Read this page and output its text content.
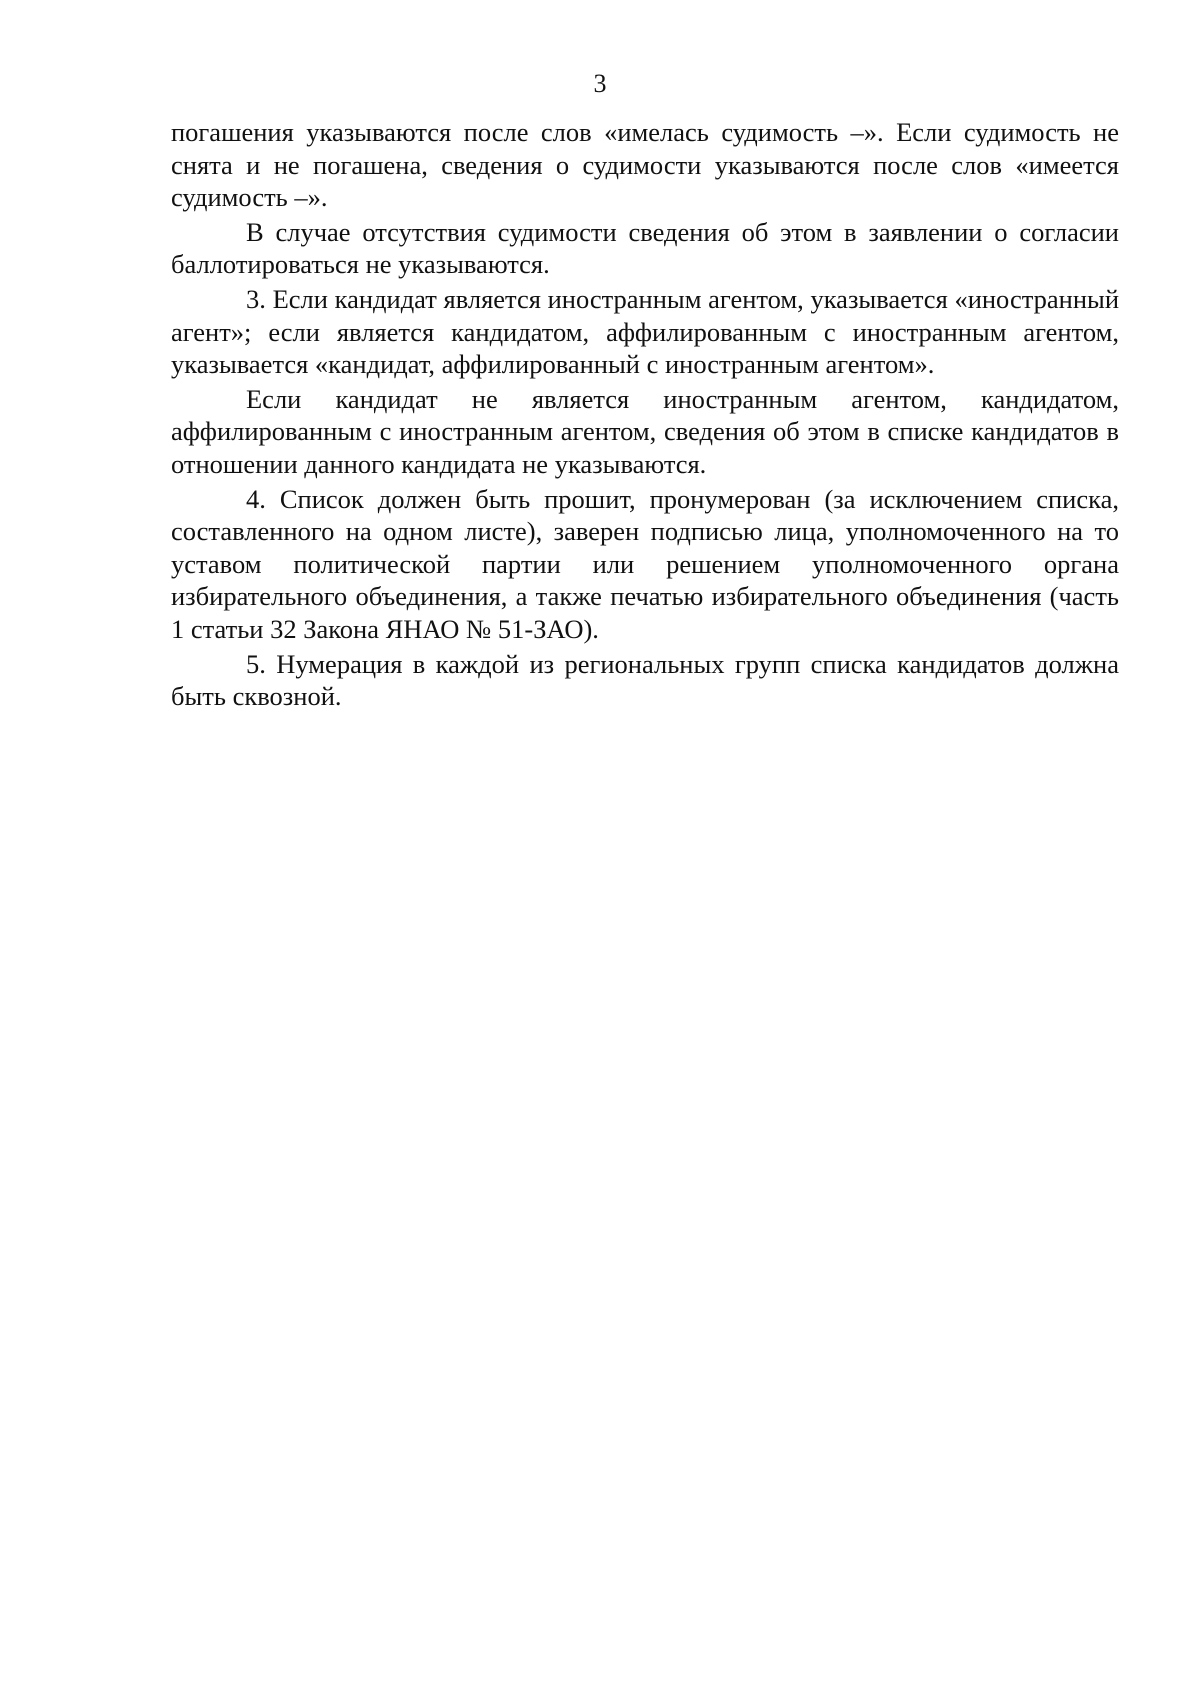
3

погашения указываются после слов «имелась судимость –». Если судимость не снята и не погашена, сведения о судимости указываются после слов «имеется судимость –».

В случае отсутствия судимости сведения об этом в заявлении о согласии баллотироваться не указываются.

3. Если кандидат является иностранным агентом, указывается «иностранный агент»; если является кандидатом, аффилированным с иностранным агентом, указывается «кандидат, аффилированный с иностранным агентом».

Если кандидат не является иностранным агентом, кандидатом, аффилированным с иностранным агентом, сведения об этом в списке кандидатов в отношении данного кандидата не указываются.

4. Список должен быть прошит, пронумерован (за исключением списка, составленного на одном листе), заверен подписью лица, уполномоченного на то уставом политической партии или решением уполномоченного органа избирательного объединения, а также печатью избирательного объединения (часть 1 статьи 32 Закона ЯНАО № 51-ЗАО).

5. Нумерация в каждой из региональных групп списка кандидатов должна быть сквозной.
